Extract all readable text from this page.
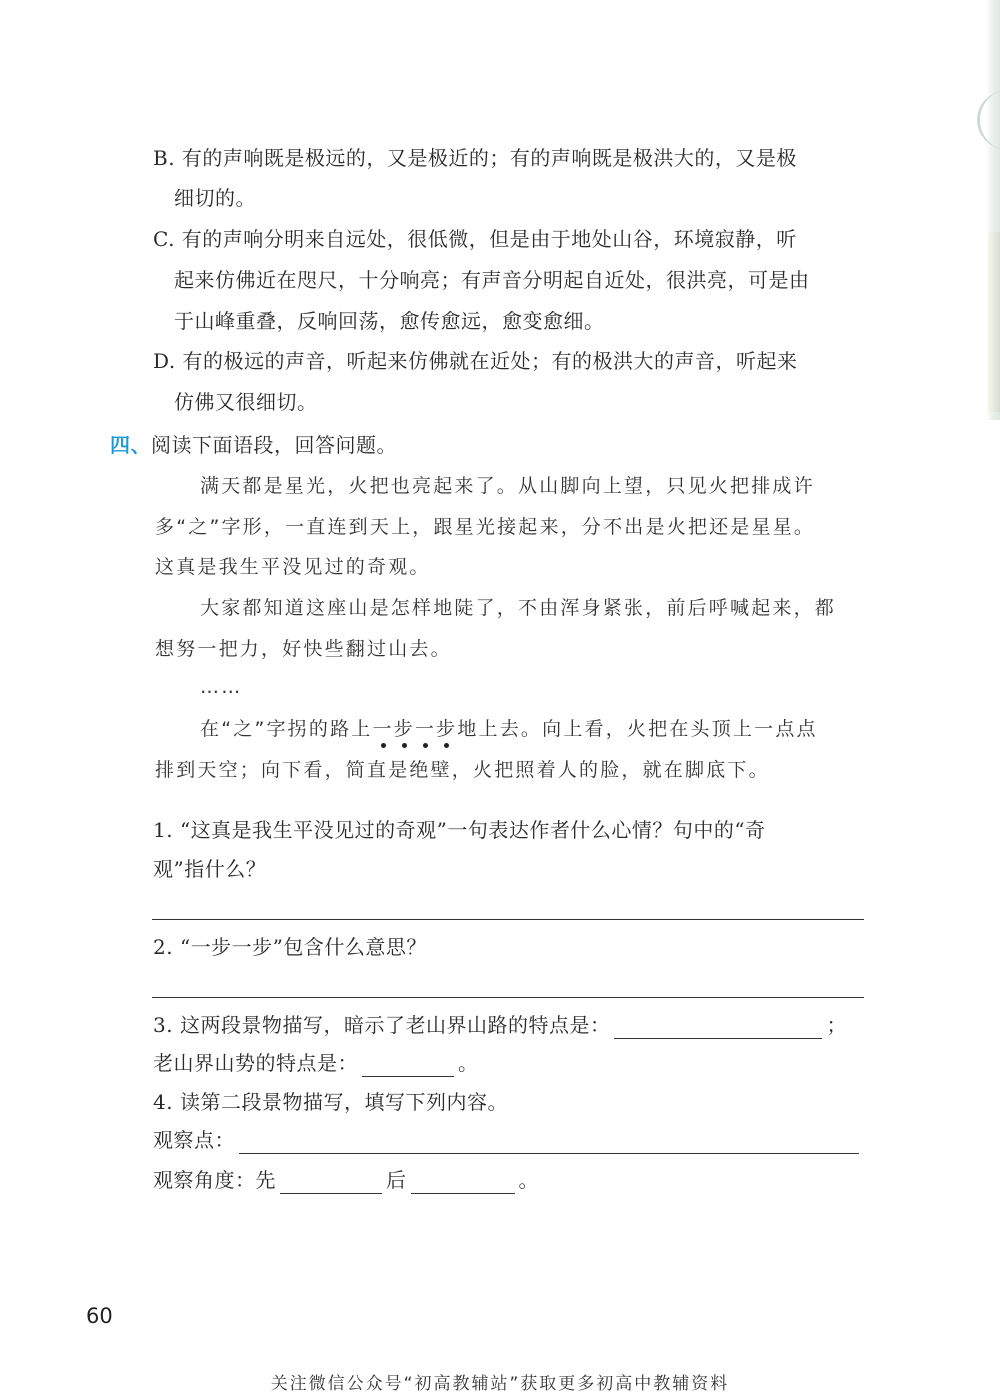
B. 有的声响既是极远的，又是极近的；有的声响既是极洪大的，又是极
细切的。
C. 有的声响分明来自远处，很低微，但是由于地处山谷，环境寂静，听
起来仿佛近在咫尺，十分响亮；有声音分明起自近处，很洪亮，可是由
于山峰重叠，反响回荡，愈传愈远，愈变愈细。
D. 有的极远的声音，听起来仿佛就在近处；有的极洪大的声音，听起来
仿佛又很细切。
四、阅读下面语段，回答问题。
满天都是星光，火把也亮起来了。从山脚向上望，只见火把排成许
多“之”字形，一直连到天上，跟星光接起来，分不出是火把还是星星。
这真是我生平没见过的奇观。
大家都知道这座山是怎样地陡了，不由浑身紧张，前后呼喊起来，都
想努一把力，好快些翻过山去。
……
在“之”字拐的路上一
步
一
步
地上去。向上看，火把在头顶上一点点
排到天空；向下看，简直是绝壁，火把照着人的脸，就在脚底下。
1. “这真是我生平没见过的奇观”一句表达作者什么心情？句中的“奇
观”指什么？
2. “一步一步”包含什么意思？
3. 这两段景物描写，暗示了老山界山路的特点是：	；
老山界山势的特点是：	。
4. 读第二段景物描写，填写下列内容。
观察点：
观察角度：先	后	。
60
关注微信公众号“初高教辅站”获取更多初高中教辅资料
